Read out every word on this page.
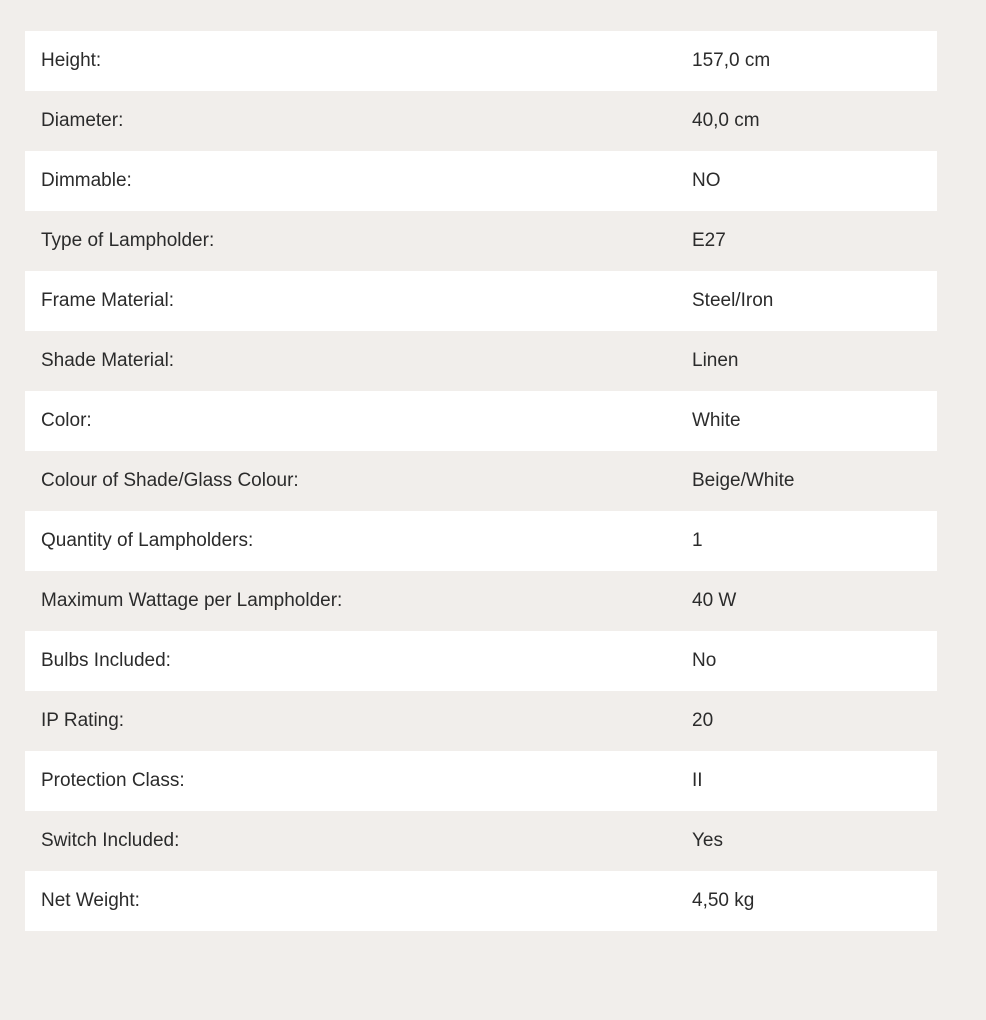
Height:	157,0 cm
Diameter:	40,0 cm
Dimmable:	NO
Type of Lampholder:	E27
Frame Material:	Steel/Iron
Shade Material:	Linen
Color:	White
Colour of Shade/Glass Colour:	Beige/White
Quantity of Lampholders:	1
Maximum Wattage per Lampholder:	40 W
Bulbs Included:	No
IP Rating:	20
Protection Class:	II
Switch Included:	Yes
Net Weight:	4,50 kg
